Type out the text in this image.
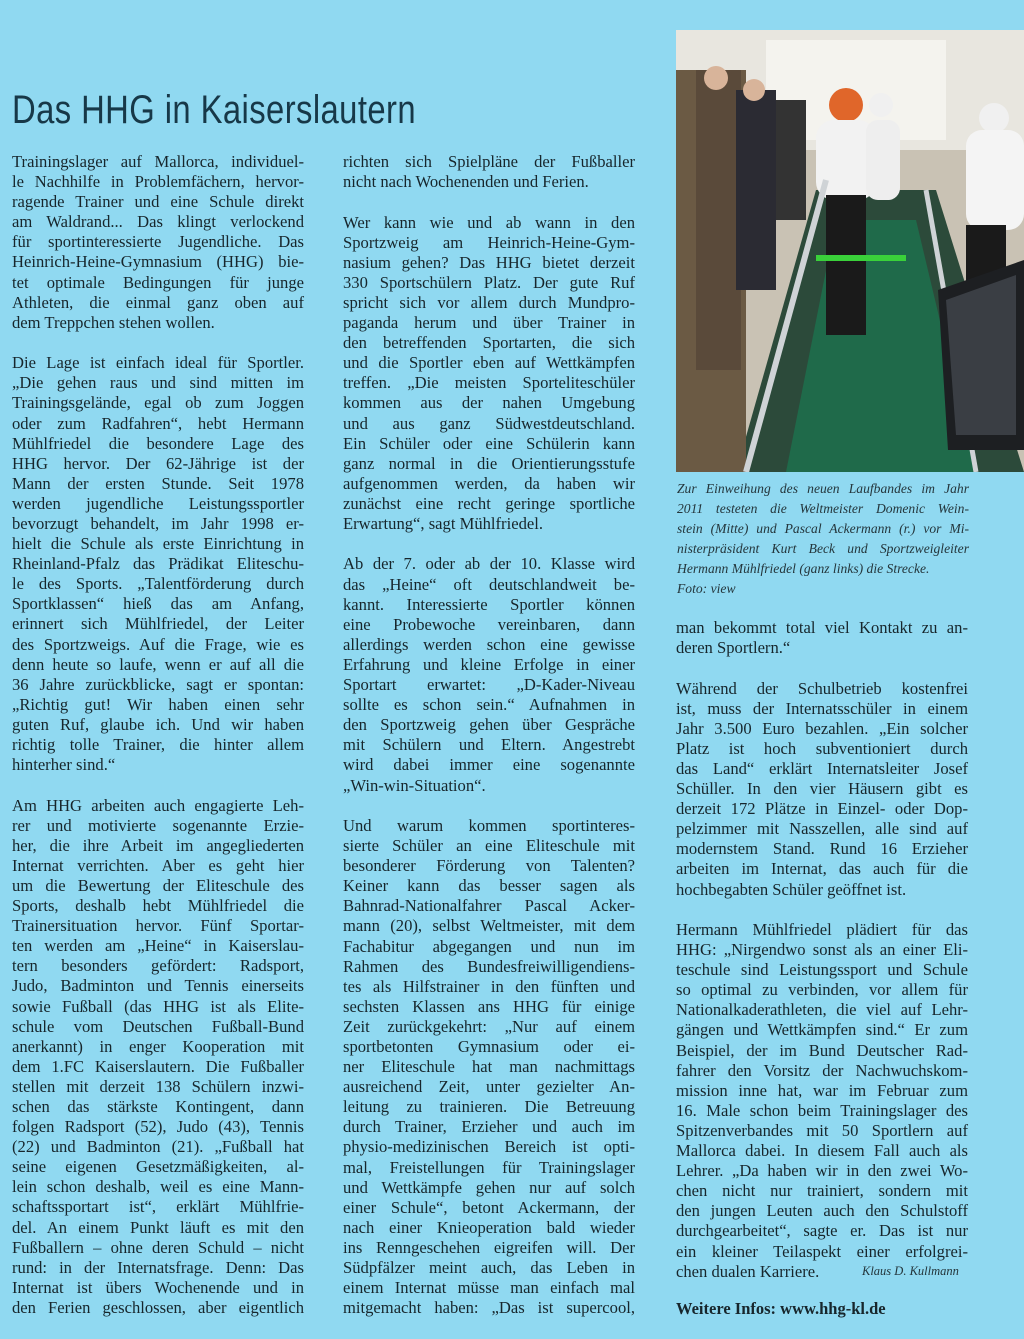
Das HHG in Kaiserslautern
Zur Einweihung des neuen Laufbandes im Jahr
2011 testeten die Weltmeister Domenic Wein-
stein (Mitte) und Pascal Ackermann (r.) vor Mi-
nisterpräsident Kurt Beck und Sportzweigleiter
Hermann Mühlfriedel (ganz links) die Strecke.
Foto: view
Trainingslager auf Mallorca, individuel-
le Nachhilfe in Problemfächern, hervor-
ragende Trainer und eine Schule direkt
am Waldrand... Das klingt verlockend
für sportinteressierte Jugendliche. Das
Heinrich-Heine-Gymnasium (HHG) bie-
tet optimale Bedingungen für junge
Athleten, die einmal ganz oben auf
dem Treppchen stehen wollen.
Die Lage ist einfach ideal für Sportler.
„Die gehen raus und sind mitten im
Trainingsgelände, egal ob zum Joggen
oder zum Radfahren“, hebt Hermann
Mühlfriedel die besondere Lage des
HHG hervor. Der 62-Jährige ist der
Mann der ersten Stunde. Seit 1978
werden jugendliche Leistungssportler
bevorzugt behandelt, im Jahr 1998 er-
hielt die Schule als erste Einrichtung in
Rheinland-Pfalz das Prädikat Eliteschu-
le des Sports. „Talentförderung durch
Sportklassen“ hieß das am Anfang,
erinnert sich Mühlfriedel, der Leiter
des Sportzweigs. Auf die Frage, wie es
denn heute so laufe, wenn er auf all die
36 Jahre zurückblicke, sagt er spontan:
„Richtig gut! Wir haben einen sehr
guten Ruf, glaube ich. Und wir haben
richtig tolle Trainer, die hinter allem
hinterher sind.“
Am HHG arbeiten auch engagierte Leh-
rer und motivierte sogenannte Erzie-
her, die ihre Arbeit im angegliederten
Internat verrichten. Aber es geht hier
um die Bewertung der Eliteschule des
Sports, deshalb hebt Mühlfriedel die
Trainersituation hervor. Fünf Sportar-
ten werden am „Heine“ in Kaiserslau-
tern besonders gefördert: Radsport,
Judo, Badminton und Tennis einerseits
sowie Fußball (das HHG ist als Elite-
schule vom Deutschen Fußball-Bund
anerkannt) in enger Kooperation mit
dem 1.FC Kaiserslautern. Die Fußballer
stellen mit derzeit 138 Schülern inzwi-
schen das stärkste Kontingent, dann
folgen Radsport (52), Judo (43), Tennis
(22) und Badminton (21). „Fußball hat
seine eigenen Gesetzmäßigkeiten, al-
lein schon deshalb, weil es eine Mann-
schaftssportart ist“, erklärt Mühlfrie-
del. An einem Punkt läuft es mit den
Fußballern – ohne deren Schuld – nicht
rund: in der Internatsfrage. Denn: Das
Internat ist übers Wochenende und in
den Ferien geschlossen, aber eigentlich
richten sich Spielpläne der Fußballer
nicht nach Wochenenden und Ferien.
Wer kann wie und ab wann in den
Sportzweig am Heinrich-Heine-Gym-
nasium gehen? Das HHG bietet derzeit
330 Sportschülern Platz. Der gute Ruf
spricht sich vor allem durch Mundpro-
paganda herum und über Trainer in
den betreffenden Sportarten, die sich
und die Sportler eben auf Wettkämpfen
treffen. „Die meisten Sporteliteschüler
kommen aus der nahen Umgebung
und aus ganz Südwestdeutschland.
Ein Schüler oder eine Schülerin kann
ganz normal in die Orientierungsstufe
aufgenommen werden, da haben wir
zunächst eine recht geringe sportliche
Erwartung“, sagt Mühlfriedel.
Ab der 7. oder ab der 10. Klasse wird
das „Heine“ oft deutschlandweit be-
kannt. Interessierte Sportler können
eine Probewoche vereinbaren, dann
allerdings werden schon eine gewisse
Erfahrung und kleine Erfolge in einer
Sportart erwartet: „D-Kader-Niveau
sollte es schon sein.“ Aufnahmen in
den Sportzweig gehen über Gespräche
mit Schülern und Eltern. Angestrebt
wird dabei immer eine sogenannte
„Win-win-Situation“.
Und warum kommen sportinteres-
sierte Schüler an eine Eliteschule mit
besonderer Förderung von Talenten?
Keiner kann das besser sagen als
Bahnrad-Nationalfahrer Pascal Acker-
mann (20), selbst Weltmeister, mit dem
Fachabitur abgegangen und nun im
Rahmen des Bundesfreiwilligendiens-
tes als Hilfstrainer in den fünften und
sechsten Klassen ans HHG für einige
Zeit zurückgekehrt: „Nur auf einem
sportbetonten Gymnasium oder ei-
ner Eliteschule hat man nachmittags
ausreichend Zeit, unter gezielter An-
leitung zu trainieren. Die Betreuung
durch Trainer, Erzieher und auch im
physio-medizinischen Bereich ist opti-
mal, Freistellungen für Trainingslager
und Wettkämpfe gehen nur auf solch
einer Schule“, betont Ackermann, der
nach einer Knieoperation bald wieder
ins Renngeschehen eigreifen will. Der
Südpfälzer meint auch, das Leben in
einem Internat müsse man einfach mal
mitgemacht haben: „Das ist supercool,
man bekommt total viel Kontakt zu an-
deren Sportlern.“
Während der Schulbetrieb kostenfrei
ist, muss der Internatsschüler in einem
Jahr 3.500 Euro bezahlen. „Ein solcher
Platz ist hoch subventioniert durch
das Land“ erklärt Internatsleiter Josef
Schüller. In den vier Häusern gibt es
derzeit 172 Plätze in Einzel- oder Dop-
pelzimmer mit Nasszellen, alle sind auf
modernstem Stand. Rund 16 Erzieher
arbeiten im Internat, das auch für die
hochbegabten Schüler geöffnet ist.
Hermann Mühlfriedel plädiert für das
HHG: „Nirgendwo sonst als an einer Eli-
teschule sind Leistungssport und Schule
so optimal zu verbinden, vor allem für
Nationalkaderathleten, die viel auf Lehr-
gängen und Wettkämpfen sind.“ Er zum
Beispiel, der im Bund Deutscher Rad-
fahrer den Vorsitz der Nachwuchskom-
mission inne hat, war im Februar zum
16. Male schon beim Trainingslager des
Spitzenverbandes mit 50 Sportlern auf
Mallorca dabei. In diesem Fall auch als
Lehrer. „Da haben wir in den zwei Wo-
chen nicht nur trainiert, sondern mit
den jungen Leuten auch den Schulstoff
durchgearbeitet“, sagte er. Das ist nur
ein kleiner Teilaspekt einer erfolgrei-
chen dualen Karriere.	Klaus D. Kullmann
Weitere Infos: www.hhg-kl.de
